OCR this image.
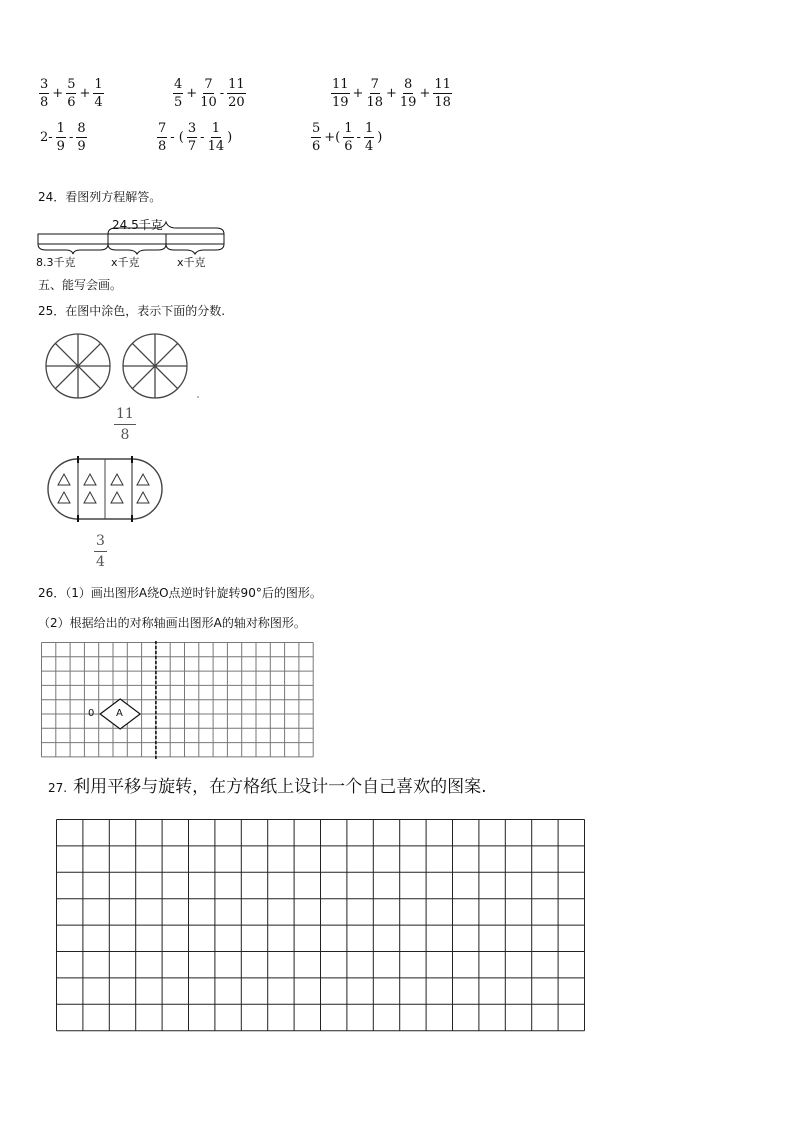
$\frac{3}{8} + \frac{5}{6} + \frac{1}{4}$	$\frac{4}{5} + \frac{7}{10} - \frac{11}{20}$	$\frac{11}{19} + \frac{7}{18} + \frac{8}{19} + \frac{11}{18}$
$2- \frac{1}{9} - \frac{8}{9}$	$\frac{7}{8}$ - ( $\frac{3}{7} - \frac{1}{14}$ )	$\frac{5}{6}$ +( $\frac{1}{6} - \frac{1}{4}$ )
24．看图列方程解答。
24.5千克
8.3千克	x千克	x千克
五、能写会画。
25．在图中涂色，表示下面的分数.
$\frac{11}{8}$
$\frac{3}{4}$
26．（1）画出图形A绕O点逆时针旋转90°后的图形。
（2）根据给出的对称轴画出图形A的轴对称图形。
0 A
27. 利用平移与旋转，在方格纸上设计一个自己喜欢的图案.
